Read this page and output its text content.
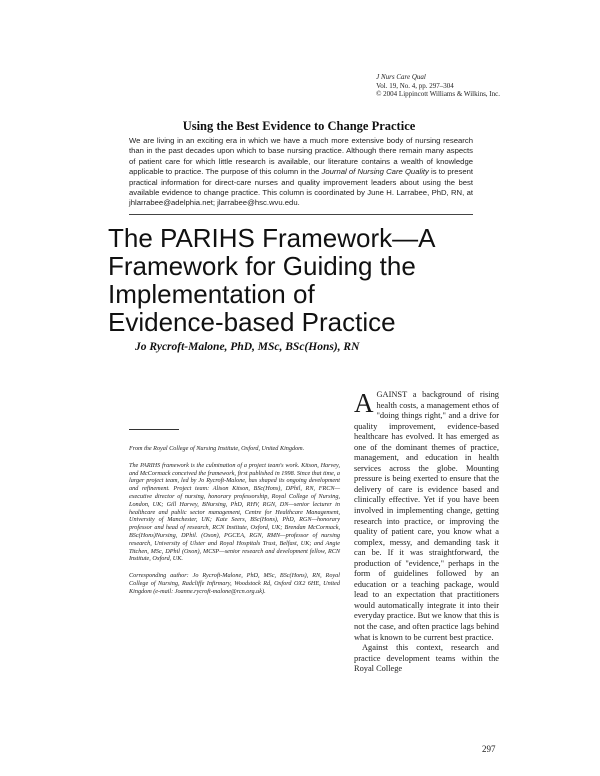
J Nurs Care Qual
Vol. 19, No. 4, pp. 297–304
© 2004 Lippincott Williams & Wilkins, Inc.
Using the Best Evidence to Change Practice
We are living in an exciting era in which we have a much more extensive body of nursing research than in the past decades upon which to base nursing practice. Although there remain many aspects of patient care for which little research is available, our literature contains a wealth of knowledge applicable to practice. The purpose of this column in the Journal of Nursing Care Quality is to present practical information for direct-care nurses and quality improvement leaders about using the best available evidence to change practice. This column is coordinated by June H. Larrabee, PhD, RN, at jhlarrabee@adelphia.net; jlarrabee@hsc.wvu.edu.
The PARIHS Framework—A
Framework for Guiding the
Implementation of
Evidence-based Practice
Jo Rycroft-Malone, PhD, MSc, BSc(Hons), RN

From the Royal College of Nursing Institute, Oxford, United Kingdom.

The PARIHS framework is the culmination of a project team's work. Kitson, Harvey, and McCormack conceived the framework, first published in 1998. Since that time, a larger project team, led by Jo Rycroft-Malone, has shaped its ongoing development and refinement. Project team: Alison Kitson, BSc(Hons), DPhil, RN, FRCN—executive director of nursing, honorary professorship, Royal College of Nursing, London, UK; Gill Harvey, BNursing, PhD, RHV, RGN, DN—senior lecturer in healthcare and public sector management, Centre for Healthcare Management, University of Manchester, UK; Kate Seers, BSc(Hons), PhD, RGN—honorary professor and head of research, RCN Institute, Oxford, UK; Brendan McCormack, BSc(Hons)Nursing, DPhil. (Oxon), PGCEA, RGN, RMN—professor of nursing research, University of Ulster and Royal Hospitals Trust, Belfast, UK; and Angie Titchen, MSc, DPhil (Oxon), MCSP—senior research and development fellow, RCN Institute, Oxford, UK.

Corresponding author: Jo Rycroft-Malone, PhD, MSc, BSc(Hons), RN, Royal College of Nursing, Radcliffe Infirmary, Woodstock Rd, Oxford OX2 6HE, United Kingdom (e-mail: Joanne.rycroft-malone@rcn.org.uk).

AGAINST a background of rising health costs, a management ethos of "doing things right," and a drive for quality improvement, evidence-based healthcare has evolved. It has emerged as one of the dominant themes of practice, management, and education in health services across the globe. Mounting pressure is being exerted to ensure that the delivery of care is evidence based and clinically effective. Yet if you have been involved in implementing change, getting research into practice, or improving the quality of patient care, you know what a complex, messy, and demanding task it can be. If it was straightforward, the production of "evidence," perhaps in the form of guidelines followed by an education or a teaching package, would lead to an expectation that practitioners would automatically integrate it into their everyday practice. But we know that this is not the case, and often practice lags behind what is known to be current best practice.

Against this context, research and practice development teams within the Royal College

297
